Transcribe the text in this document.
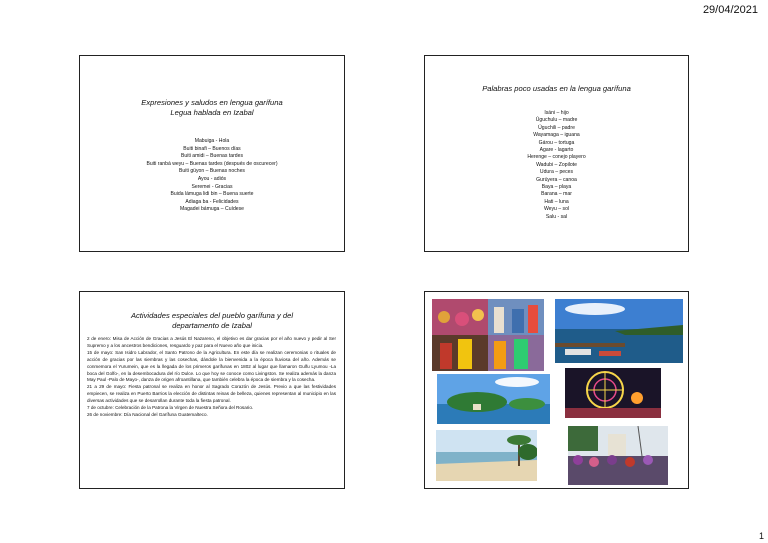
29/04/2021
Expresiones y saludos en lengua garífuna
Legua hablada en Izabal
Mabuiga - Hola
Buiti binafi – Buenos días
Buiti amidi – Buenas tardes
Buiti ranbá weyu – Buenas tardes (después de oscurecer)
Buiti güyon – Buenas noches
Ayou - adiós
Seremei - Gracias
Buida lámuga lidi bin – Buena suerte
Adiaga ba - Felicidades
Magadei bámuga – Cuídese
Palabras poco usadas en la lengua garífuna
Isáni – hijo
Úguchulu – madre
Úguchili – padre
Wayamaga – iguana
Gárou – tortuga
Agare - lagarto
Herenge – conejo playero
Wadubi – Zopilote
Udura – peces
Gurúyera – canoa
Baya – playa
Barana – mar
Hati – luna
Weyu – sol
Salu - sal
Actividades especiales del pueblo garífuna y del
departamento de Izabal

2 de enero: Misa de Acción de Gracias a Jesús El Nazareno, el objetivo es dar gracias por el año nuevo y pedir al Ser Supremo y a los ancestros bendiciones, resguardo y paz para el Nuevo año que inicia.

15 de mayo: San Isidro Labrador, el Santo Patrono de la Agricultura. En este día se realizan ceremonias o rituales de acción de gracias por las siembras y las cosechas, dándole la bienvenida a la época lluviosa del año. Además se conmemora el Yurumein, que es la llegada de los primeros garífunas en 1802 al lugar que llamaron Gulfu Lyumou -La boca del Golfo-, en la desembocadura del río Dulce. Lo que hoy se conoce como Livingston. Se realiza además la danza May Paul -Palo de Mayo-, danza de origen afroantillana, que también celebra la época de siembra y la cosecha.

21 a 29 de mayo: Fiesta patronal se realiza en honor al Sagrado Corazón de Jesús. Previo a que las festividades empiecen, se realiza en Puerto Barrios la elección de distintas reinas de belleza, quienes representan al municipio en las diversas actividades que se desarrollan durante toda la fiesta patronal.

7 de octubre: Celebración de la Patrona la Virgen de Nuestra Señora del Rosario.

26 de noviembre: Día Nacional del Garífuna Guatemalteco.

1
